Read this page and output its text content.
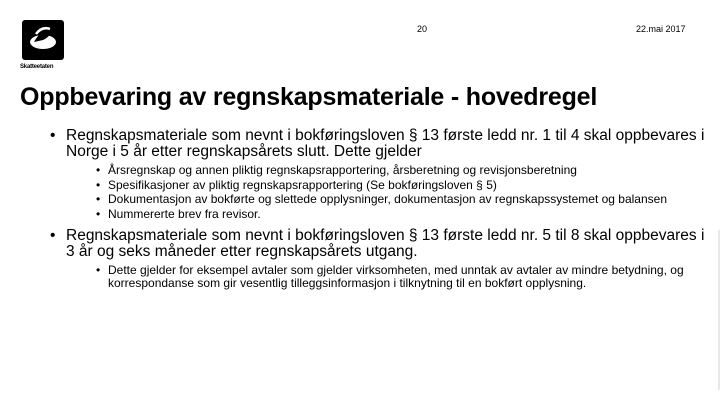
Skatteetaten
20	22.mai 2017
Oppbevaring av regnskapsmateriale - hovedregel
• Regnskapsmateriale som nevnt i bokføringsloven § 13 første ledd nr. 1 til 4 skal oppbevares i Norge i 5 år etter regnskapsårets slutt. Dette gjelder
• Årsregnskap og annen pliktig regnskapsrapportering, årsberetning og revisjonsberetning
• Spesifikasjoner av pliktig regnskapsrapportering (Se bokføringsloven § 5)
• Dokumentasjon av bokførte og slettede opplysninger, dokumentasjon av regnskapssystemet og balansen
• Nummererte brev fra revisor.
• Regnskapsmateriale som nevnt i bokføringsloven § 13 første ledd nr. 5 til 8 skal oppbevares i 3 år og seks måneder etter regnskapsårets utgang.
• Dette gjelder for eksempel avtaler som gjelder virksomheten, med unntak av avtaler av mindre betydning, og korrespondanse som gir vesentlig tilleggsinformasjon i tilknytning til en bokført opplysning.
